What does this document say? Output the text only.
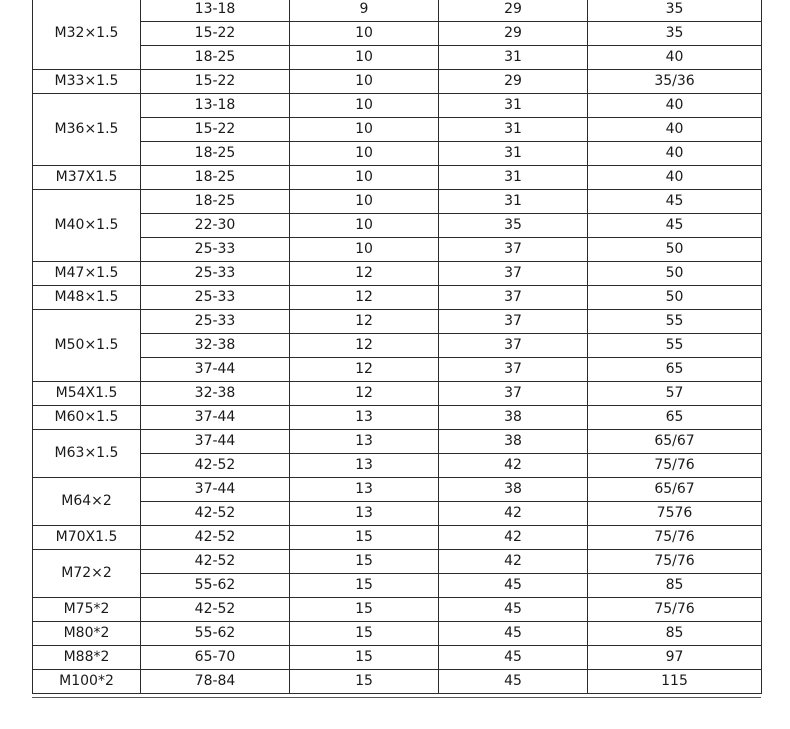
M32×1.5	13-18	9	29	35
	15-22	10	29	35
	18-25	10	31	40
M33×1.5	15-22	10	29	35/36
M36×1.5	13-18	10	31	40
	15-22	10	31	40
	18-25	10	31	40
M37X1.5	18-25	10	31	40
M40×1.5	18-25	10	31	45
	22-30	10	35	45
	25-33	10	37	50
M47×1.5	25-33	12	37	50
M48×1.5	25-33	12	37	50
M50×1.5	25-33	12	37	55
	32-38	12	37	55
	37-44	12	37	65
M54X1.5	32-38	12	37	57
M60×1.5	37-44	13	38	65
M63×1.5	37-44	13	38	65/67
	42-52	13	42	75/76
M64×2	37-44	13	38	65/67
	42-52	13	42	7576
M70X1.5	42-52	15	42	75/76
M72×2	42-52	15	42	75/76
	55-62	15	45	85
M75*2	42-52	15	45	75/76
M80*2	55-62	15	45	85
M88*2	65-70	15	45	97
M100*2	78-84	15	45	115
